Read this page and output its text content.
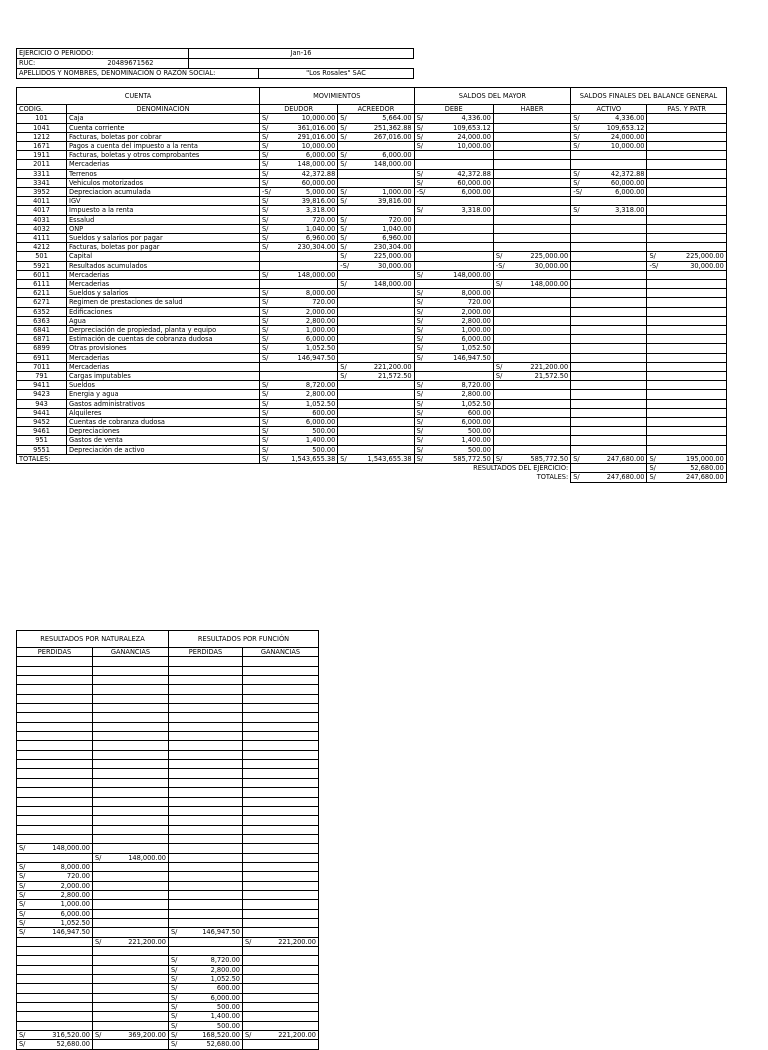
EJERCICIO O PERIODO:	Jan-16	
RUC: 20489671562		
APELLIDOS Y NOMBRES, DENOMINACIÓN O RAZÓN SOCIAL:		"Los Rosales" SAC
CUENTA		MOVIMIENTOS				SALDOS DEL MAYOR				SALDOS FINALES DEL BALANCE GENERAL			
CODIG.	DENOMINACIÓN	DEUDOR		ACREEDOR		DEBE		HABER		ACTIVO		PAS. Y PATR	
101	Caja	S/	10,000.00	S/	5,664.00	S/	4,336.00			S/	4,336.00		
1041	Cuenta corriente	S/	361,016.00	S/	251,362.88	S/	109,653.12			S/	109,653.12		
1212	Facturas, boletas por cobrar	S/	291,016.00	S/	267,016.00	S/	24,000.00			S/	24,000.00		
1671	Pagos a cuenta del impuesto a la renta	S/	10,000.00			S/	10,000.00			S/	10,000.00		
1911	Facturas, boletas y otros comprobantes	S/	6,000.00	S/	6,000.00								
2011	Mercaderias	S/	148,000.00	S/	148,000.00								
3311	Terrenos	S/	42,372.88			S/	42,372.88			S/	42,372.88		
3341	Vehiculos motorizados	S/	60,000.00			S/	60,000.00			S/	60,000.00		
3952	Depreciacion acumulada	-S/	5,000.00	S/	1,000.00	-S/	6,000.00			-S/	6,000.00		
4011	IGV	S/	39,816.00	S/	39,816.00								
4017	Impuesto a la renta	S/	3,318.00			S/	3,318.00			S/	3,318.00		
4031	Essalud	S/	720.00	S/	720.00								
4032	ONP	S/	1,040.00	S/	1,040.00								
4111	Sueldos y salarios por pagar	S/	6,960.00	S/	6,960.00								
4212	Facturas, boletas por pagar	S/	230,304.00	S/	230,304.00								
501	Capital			S/	225,000.00			S/	225,000.00			S/	225,000.00
5921	Resultados acumulados			-S/	30,000.00			-S/	30,000.00			-S/	30,000.00
6011	Mercaderias	S/	148,000.00			S/	148,000.00						
6111	Mercaderias			S/	148,000.00			S/	148,000.00				
6211	Sueldos y salarios	S/	8,000.00			S/	8,000.00						
6271	Regimen de prestaciones de salud	S/	720.00			S/	720.00						
6352	Edificaciones	S/	2,000.00			S/	2,000.00						
6363	Agua	S/	2,800.00			S/	2,800.00						
6841	Derpreciación de propiedad, planta y equipo	S/	1,000.00			S/	1,000.00						
6871	Estimación de cuentas de cobranza dudosa	S/	6,000.00			S/	6,000.00						
6899	Otras provisiones	S/	1,052.50			S/	1,052.50						
6911	Mercaderias	S/	146,947.50			S/	146,947.50						
7011	Mercaderias			S/	221,200.00			S/	221,200.00				
791	Cargas imputables			S/	21,572.50			S/	21,572.50				
9411	Sueldos	S/	8,720.00			S/	8,720.00						
9423	Energia y agua	S/	2,800.00			S/	2,800.00						
943	Gastos administrativos	S/	1,052.50			S/	1,052.50						
9441	Alquileres	S/	600.00			S/	600.00						
9452	Cuentas de cobranza dudosa	S/	6,000.00			S/	6,000.00						
9461	Depreciaciones	S/	500.00			S/	500.00						
951	Gastos de venta	S/	1,400.00			S/	1,400.00						
9551	Depreciación de activo	S/	500.00			S/	500.00						
TOTALES:		S/	1,543,655.38	S/	1,543,655.38	S/	585,772.50	S/	585,772.50	S/	247,680.00	S/	195,000.00
						RESULTADOS DEL EJERCICIO:						S/	52,680.00
						TOTALES:				S/	247,680.00	S/	247,680.00
RESULTADOS POR NATURALEZA				RESULTADOS POR FUNCIÓN			
PERDIDAS		GANANCIAS		PERDIDAS		GANANCIAS	

S/	148,000.00						
		S/	148,000.00				
S/	8,000.00						
S/	720.00						
S/	2,000.00						
S/	2,800.00						
S/	1,000.00						
S/	6,000.00						
S/	1,052.50						
S/	146,947.50			S/	146,947.50		
		S/	221,200.00			S/	221,200.00

				S/	8,720.00		
				S/	2,800.00		
				S/	1,052.50		
				S/	600.00		
				S/	6,000.00		
				S/	500.00		
				S/	1,400.00		
				S/	500.00		
S/	316,520.00	S/	369,200.00	S/	168,520.00	S/	221,200.00
S/	52,680.00			S/	52,680.00		
